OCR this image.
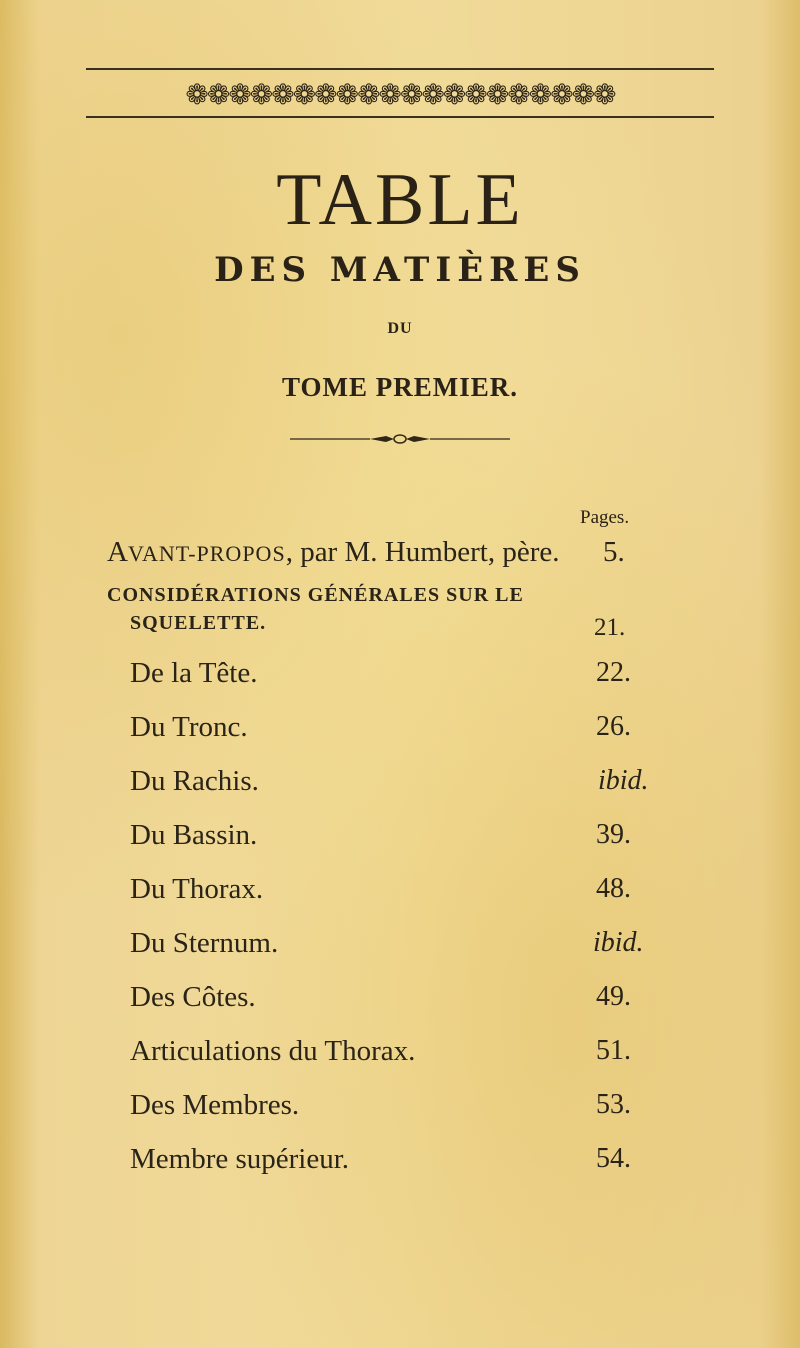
❁❁❁❁❁❁❁❁❁❁❁❁❁❁❁❁❁❁❁❁
TABLE
DES MATIÈRES
DU
TOME PREMIER.
Pages.
AVANT-PROPOS, par M. Humbert, père. 5.
CONSIDÉRATIONS GÉNÉRALES SUR LE
SQUELETTE.	21.
De la Tête.	22.
Du Tronc.	26.
Du Rachis.	ibid.
Du Bassin.	39.
Du Thorax.	48.
Du Sternum.	ibid.
Des Côtes.	49.
Articulations du Thorax.	51.
Des Membres.	53.
Membre supérieur.	54.
